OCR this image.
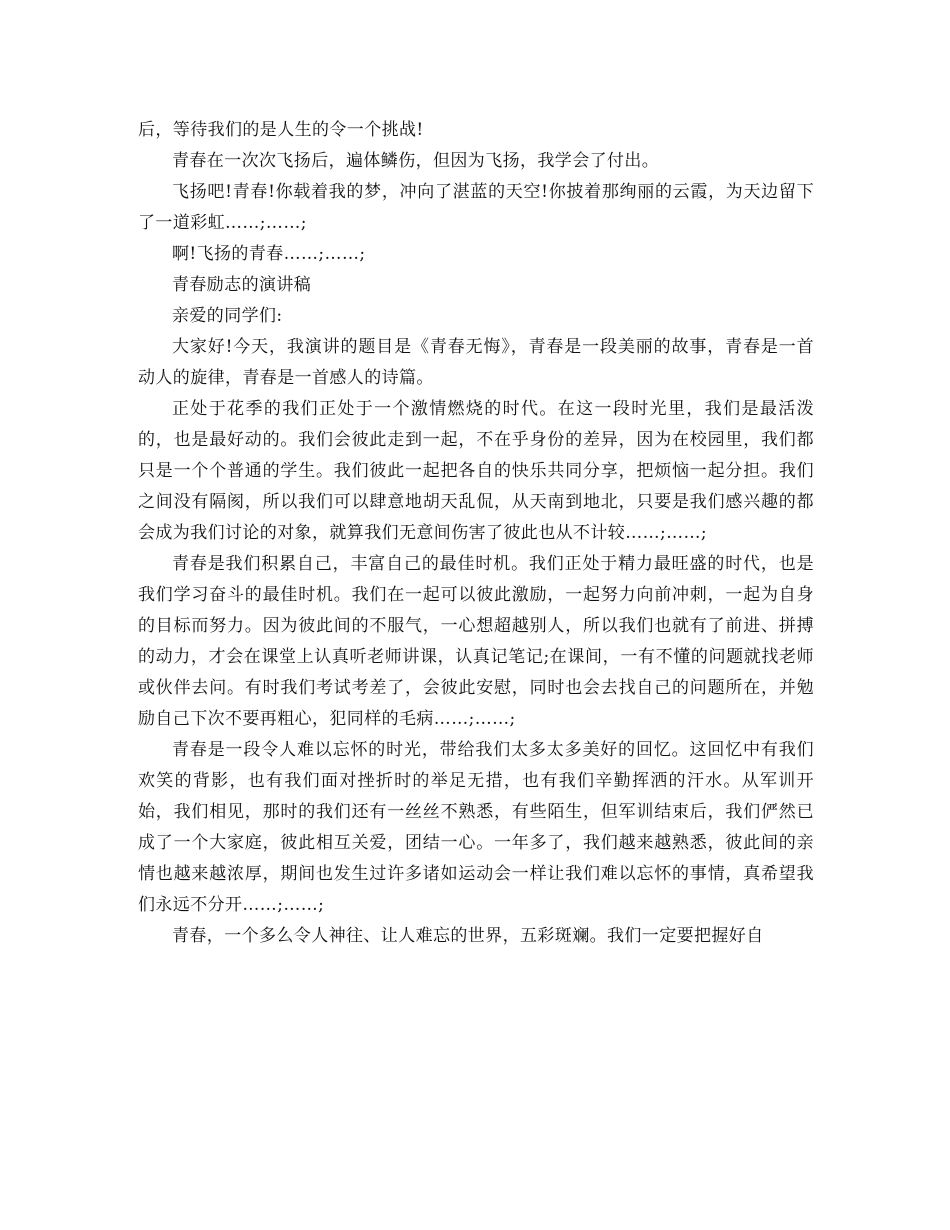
后，等待我们的是人生的令一个挑战!

青春在一次次飞扬后，遍体鳞伤，但因为飞扬，我学会了付出。

飞扬吧!青春!你载着我的梦，冲向了湛蓝的天空!你披着那绚丽的云霞，为天边留下了一道彩虹……;……;

啊!飞扬的青春……;……;

青春励志的演讲稿

亲爱的同学们:

大家好!今天，我演讲的题目是《青春无悔》，青春是一段美丽的故事，青春是一首动人的旋律，青春是一首感人的诗篇。

正处于花季的我们正处于一个激情燃烧的时代。在这一段时光里，我们是最活泼的，也是最好动的。我们会彼此走到一起，不在乎身份的差异，因为在校园里，我们都只是一个个普通的学生。我们彼此一起把各自的快乐共同分享，把烦恼一起分担。我们之间没有隔阂，所以我们可以肆意地胡天乱侃，从天南到地北，只要是我们感兴趣的都会成为我们讨论的对象，就算我们无意间伤害了彼此也从不计较……;……;

青春是我们积累自己，丰富自己的最佳时机。我们正处于精力最旺盛的时代，也是我们学习奋斗的最佳时机。我们在一起可以彼此激励，一起努力向前冲刺，一起为自身的目标而努力。因为彼此间的不服气，一心想超越别人，所以我们也就有了前进、拼搏的动力，才会在课堂上认真听老师讲课，认真记笔记;在课间，一有不懂的问题就找老师或伙伴去问。有时我们考试考差了，会彼此安慰，同时也会去找自己的问题所在，并勉励自己下次不要再粗心，犯同样的毛病……;……;

青春是一段令人难以忘怀的时光，带给我们太多太多美好的回忆。这回忆中有我们欢笑的背影，也有我们面对挫折时的举足无措，也有我们辛勤挥洒的汗水。从军训开始，我们相见，那时的我们还有一丝丝不熟悉，有些陌生，但军训结束后，我们俨然已成了一个大家庭，彼此相互关爱，团结一心。一年多了，我们越来越熟悉，彼此间的亲情也越来越浓厚，期间也发生过许多诸如运动会一样让我们难以忘怀的事情，真希望我们永远不分开……;……;

青春，一个多么令人神往、让人难忘的世界，五彩斑斓。我们一定要把握好自
